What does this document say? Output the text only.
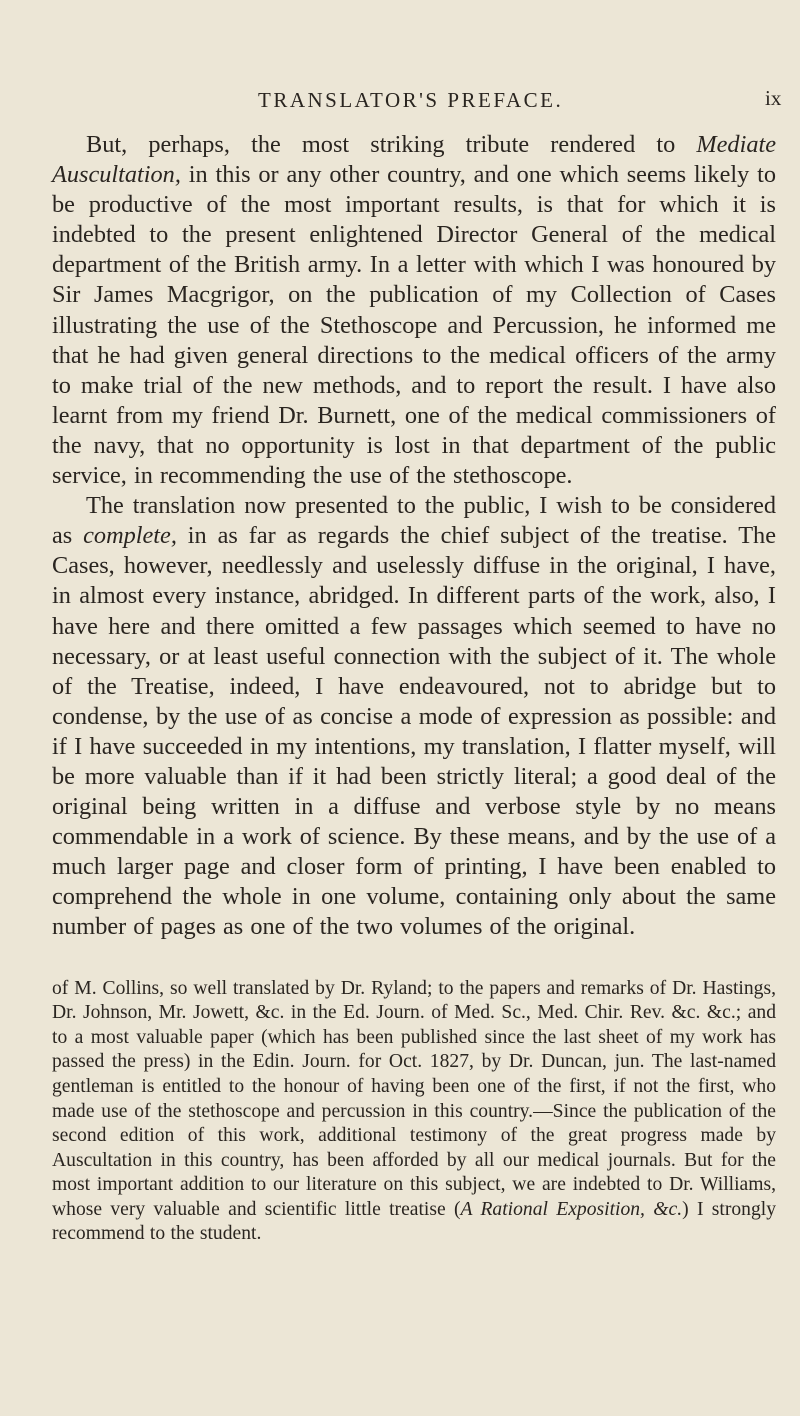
TRANSLATOR'S PREFACE.	ix

But, perhaps, the most striking tribute rendered to Mediate Auscultation, in this or any other country, and one which seems likely to be productive of the most important results, is that for which it is indebted to the present enlightened Director General of the medical department of the British army. In a letter with which I was honoured by Sir James Macgrigor, on the publication of my Collection of Cases illustrating the use of the Stethoscope and Percussion, he informed me that he had given general directions to the medical officers of the army to make trial of the new methods, and to report the result. I have also learnt from my friend Dr. Burnett, one of the medical commissioners of the navy, that no opportunity is lost in that department of the public service, in recommending the use of the stethoscope.

The translation now presented to the public, I wish to be considered as complete, in as far as regards the chief subject of the treatise. The Cases, however, needlessly and uselessly diffuse in the original, I have, in almost every instance, abridged. In different parts of the work, also, I have here and there omitted a few passages which seemed to have no necessary, or at least useful connection with the subject of it. The whole of the Treatise, indeed, I have endeavoured, not to abridge but to condense, by the use of as concise a mode of expression as possible: and if I have succeeded in my intentions, my translation, I flatter myself, will be more valuable than if it had been strictly literal; a good deal of the original being written in a diffuse and verbose style by no means commendable in a work of science. By these means, and by the use of a much larger page and closer form of printing, I have been enabled to comprehend the whole in one volume, containing only about the same number of pages as one of the two volumes of the original.

of M. Collins, so well translated by Dr. Ryland; to the papers and remarks of Dr. Hastings, Dr. Johnson, Mr. Jowett, &c. in the Ed. Journ. of Med. Sc., Med. Chir. Rev. &c. &c.; and to a most valuable paper (which has been published since the last sheet of my work has passed the press) in the Edin. Journ. for Oct. 1827, by Dr. Duncan, jun. The last-named gentleman is entitled to the honour of having been one of the first, if not the first, who made use of the stethoscope and percussion in this country.—Since the publication of the second edition of this work, additional testimony of the great progress made by Auscultation in this country, has been afforded by all our medical journals. But for the most important addition to our literature on this subject, we are indebted to Dr. Williams, whose very valuable and scientific little treatise (A Rational Exposition, &c.) I strongly recommend to the student.
